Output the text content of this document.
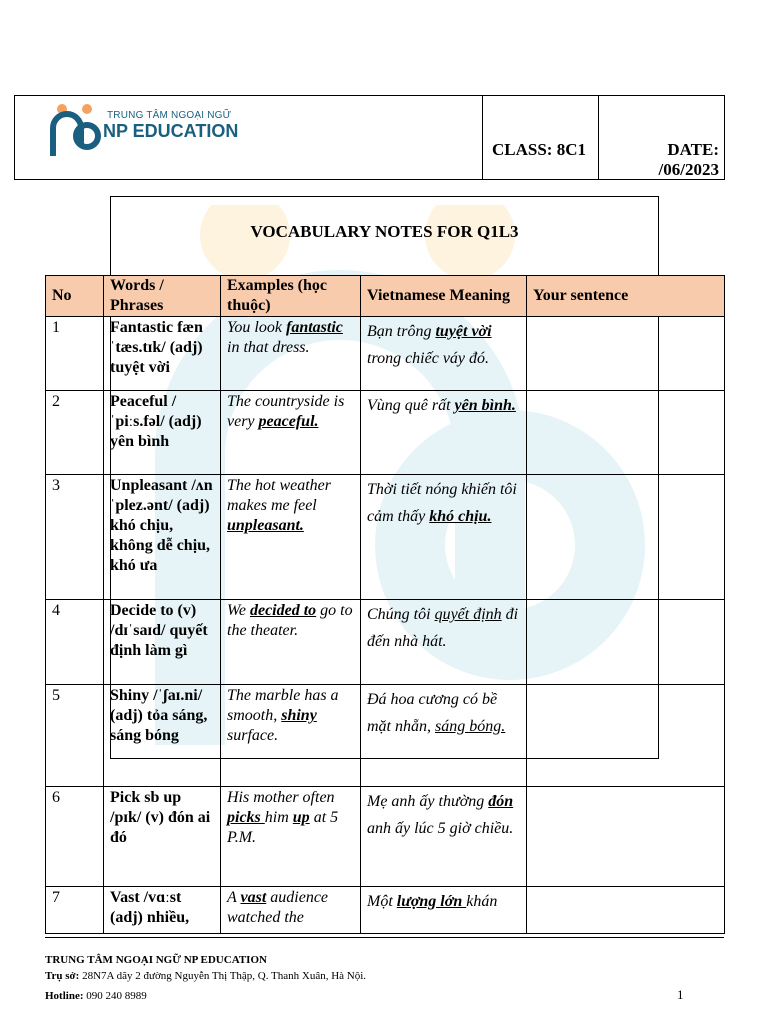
TRUNG TÂM NGOẠI NGỮ
NP EDUCATION
CLASS: 8C1	DATE:
/06/2023
VOCABULARY NOTES FOR Q1L3
No	Words / Phrases	Examples (học thuộc)	Vietnamese Meaning	Your sentence
1	Fantastic fæn ˈtæs.tɪk/ (adj) tuyệt vời	You look fantastic in that dress.	Bạn trông tuyệt vời trong chiếc váy đó.	
2	Peaceful /ˈpiːs.fəl/ (adj) yên bình	The countryside is very peaceful.	Vùng quê rất yên bình.	
3	Unpleasant /ʌnˈplez.ənt/ (adj) khó chịu, không dễ chịu, khó ưa	The hot weather makes me feel unpleasant.	Thời tiết nóng khiến tôi cảm thấy khó chịu.	
4	Decide to (v) /dɪˈsaɪd/ quyết định làm gì	We decided to go to the theater.	Chúng tôi quyết định đi đến nhà hát.	
5	Shiny /ˈʃaɪ.ni/ (adj) tỏa sáng, sáng bóng	The marble has a smooth, shiny surface.	Đá hoa cương có bề mặt nhẵn, sáng bóng.	
6	Pick sb up /pɪk/ (v) đón ai đó	His mother often picks him up at 5 P.M.	Mẹ anh ấy thường đón anh ấy lúc 5 giờ chiều.	
7	Vast /vɑːst (adj) nhiều,	A vast audience watched the	Một lượng lớn khán	
TRUNG TÂM NGOẠI NGỮ NP EDUCATION
Trụ sở: 28N7A dãy 2 đường Nguyễn Thị Thập, Q. Thanh Xuân, Hà Nội.
Hotline: 090 240 8989	1
